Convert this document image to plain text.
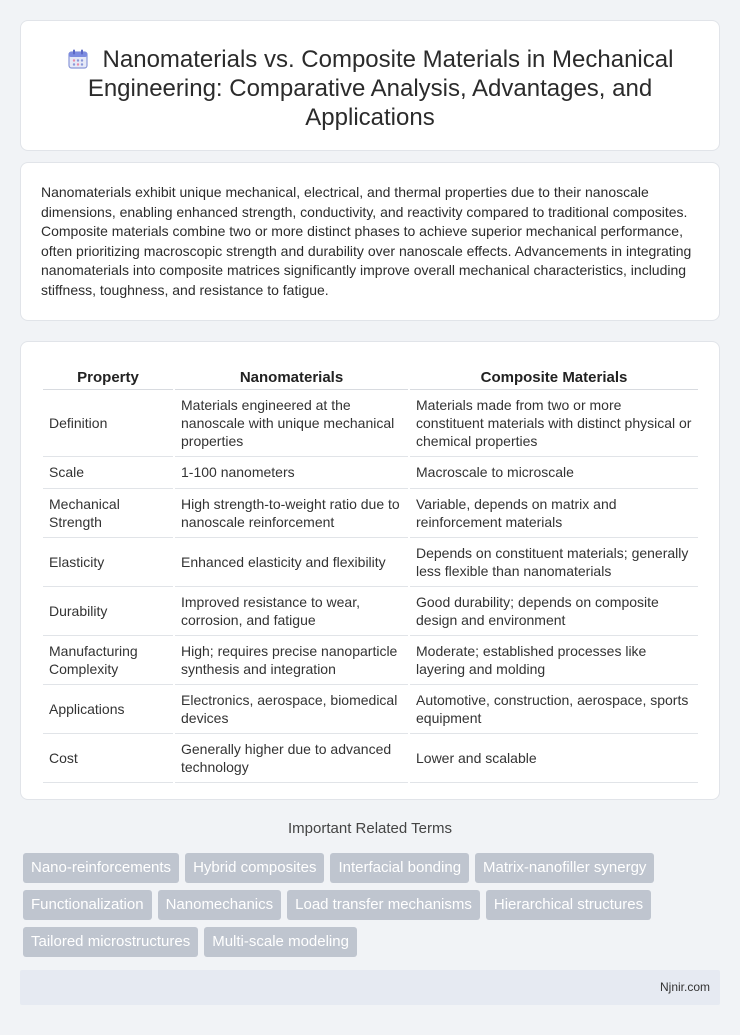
Nanomaterials vs. Composite Materials in Mechanical Engineering: Comparative Analysis, Advantages, and Applications

Nanomaterials exhibit unique mechanical, electrical, and thermal properties due to their nanoscale dimensions, enabling enhanced strength, conductivity, and reactivity compared to traditional composites. Composite materials combine two or more distinct phases to achieve superior mechanical performance, often prioritizing macroscopic strength and durability over nanoscale effects. Advancements in integrating nanomaterials into composite matrices significantly improve overall mechanical characteristics, including stiffness, toughness, and resistance to fatigue.

Property	Nanomaterials	Composite Materials
Definition	Materials engineered at the nanoscale with unique mechanical properties	Materials made from two or more constituent materials with distinct physical or chemical properties
Scale	1-100 nanometers	Macroscale to microscale
Mechanical Strength	High strength-to-weight ratio due to nanoscale reinforcement	Variable, depends on matrix and reinforcement materials
Elasticity	Enhanced elasticity and flexibility	Depends on constituent materials; generally less flexible than nanomaterials
Durability	Improved resistance to wear, corrosion, and fatigue	Good durability; depends on composite design and environment
Manufacturing Complexity	High; requires precise nanoparticle synthesis and integration	Moderate; established processes like layering and molding
Applications	Electronics, aerospace, biomedical devices	Automotive, construction, aerospace, sports equipment
Cost	Generally higher due to advanced technology	Lower and scalable
Important Related Terms
Nano-reinforcements	Hybrid composites	Interfacial bonding	Matrix-nanofiller synergy
Functionalization	Nanomechanics	Load transfer mechanisms	Hierarchical structures
Tailored microstructures	Multi-scale modeling
Njnir.com
